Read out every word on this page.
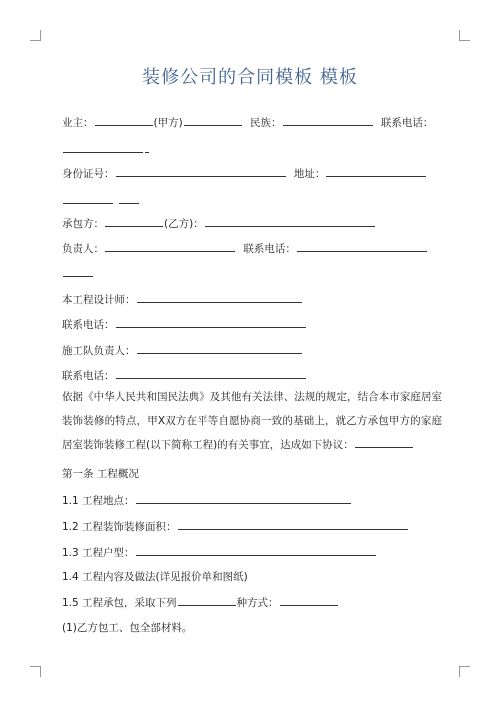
装修公司的合同模板 模板
业主：	(甲方)	民族：	联系电话：
身份证号：	地址：
承包方：	(乙方)：
负责人：	联系电话：
本工程设计师：
联系电话：
施工队负责人：
联系电话：
依据《中华人民共和国民法典》及其他有关法律、法规的规定，结合本市家庭居室装饰装修的特点，甲X双方在平等自愿协商一致的基础上，就乙方承包甲方的家庭居室装饰装修工程(以下简称工程)的有关事宜，达成如下协议：
第一条 工程概况
1.1 工程地点：
1.2 工程装饰装修面积：
1.3 工程户型：
1.4 工程内容及做法(详见报价单和图纸)
1.5 工程承包，采取下列	种方式：
(1)乙方包工、包全部材料。
